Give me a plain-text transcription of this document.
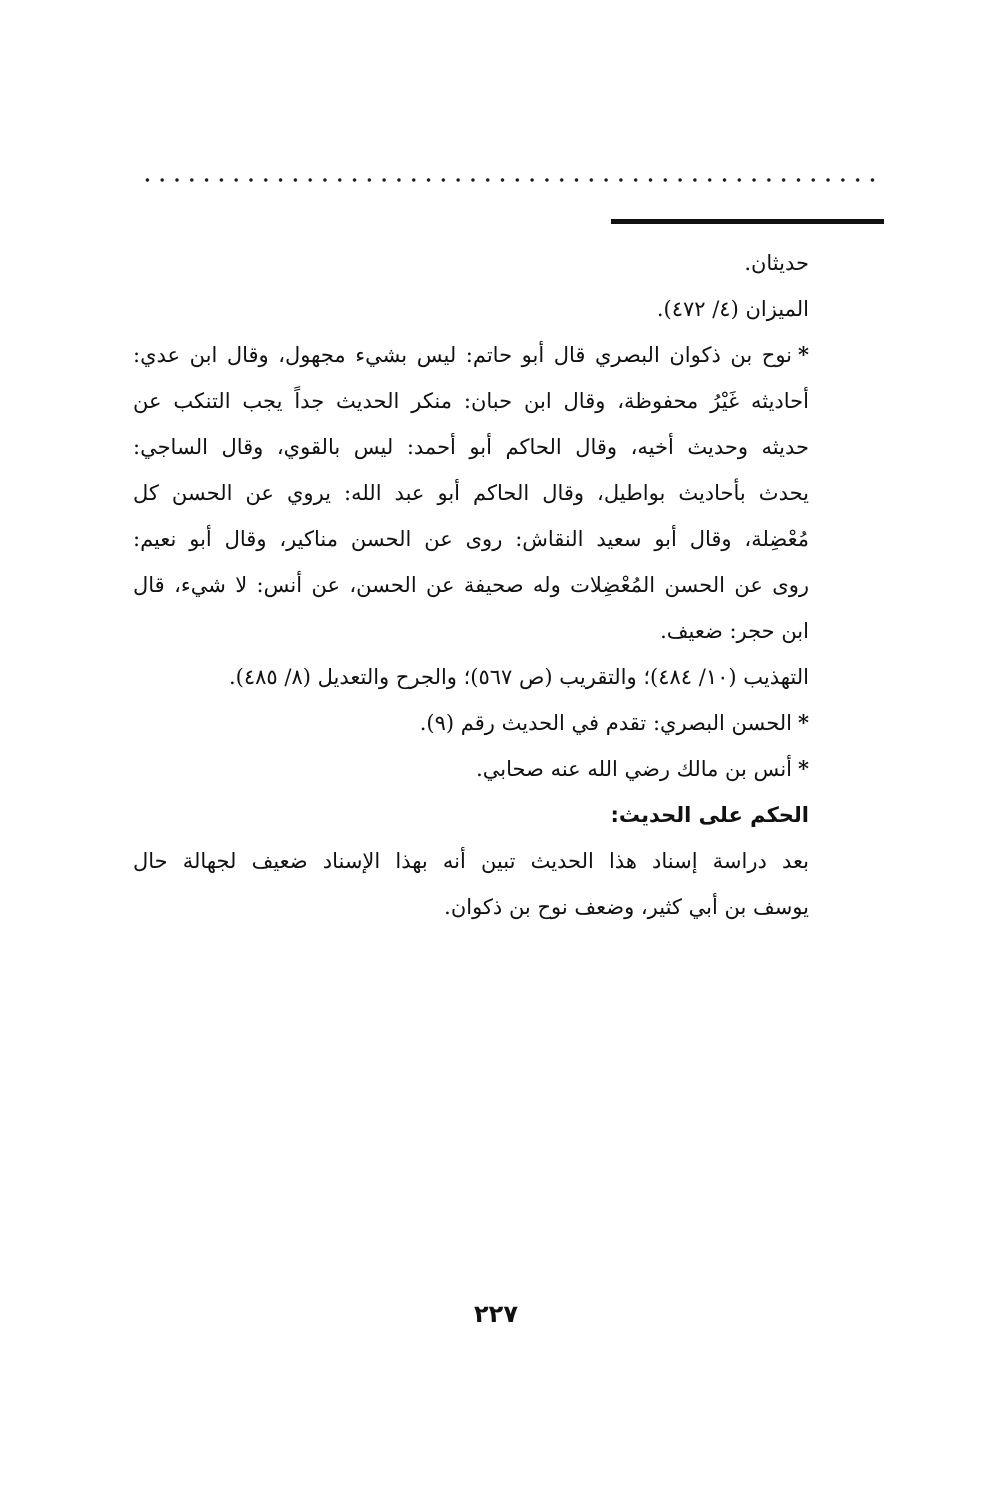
حديثان.

الميزان (٤/ ٤٧٢).

*نوح بن ذكوان البصري قال أبو حاتم: ليس بشيء مجهول، وقال ابن عدي:
أحاديثه غَيْرُ محفوظة، وقال ابن حبان: منكر الحديث جداً يجب التنكب عن
حديثه وحديث أخيه، وقال الحاكم أبو أحمد: ليس بالقوي، وقال الساجي:
يحدث بأحاديث بواطيل، وقال الحاكم أبو عبد الله: يروي عن الحسن كل
مُعْضِلة، وقال أبو سعيد النقاش: روى عن الحسن مناكير، وقال أبو نعيم:
روى عن الحسن المُعْضِلات وله صحيفة عن الحسن، عن أنس: لا شيء، قال
ابن حجر: ضعيف.

التهذيب (١٠/ ٤٨٤)؛ والتقريب (ص ٥٦٧)؛ والجرح والتعديل (٨/ ٤٨٥).

*الحسن البصري: تقدم في الحديث رقم (٩).

*أنس بن مالك رضي الله عنه صحابي.

الحكم على الحديث:

بعد دراسة إسناد هذا الحديث تبين أنه بهذا الإسناد ضعيف لجهالة حال
يوسف بن أبي كثير، وضعف نوح بن ذكوان.
٢٢٧
